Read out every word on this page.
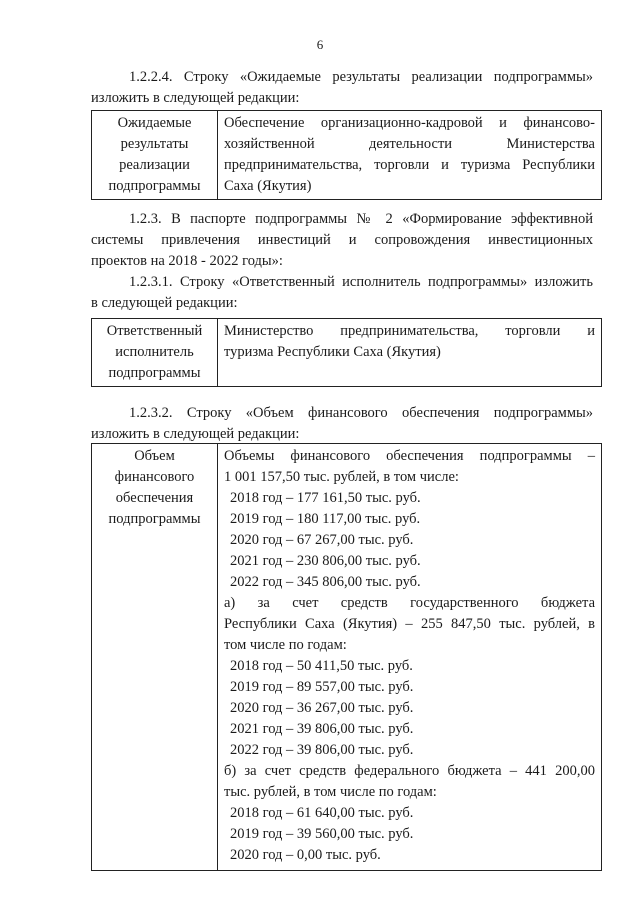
6
1.2.2.4. Строку «Ожидаемые результаты реализации подпрограммы»
изложить в следующей редакции:
Ожидаемые
результаты
реализации
подпрограммы

Обеспечение организационно-кадровой и финансово-
хозяйственной деятельности Министерства
предпринимательства, торговли и туризма Республики
Саха (Якутия)
1.2.3. В паспорте подпрограммы № 2 «Формирование эффективной
системы привлечения инвестиций и сопровождения инвестиционных
проектов на 2018 - 2022 годы»:
1.2.3.1. Строку «Ответственный исполнитель подпрограммы» изложить
в следующей редакции:
Ответственный
исполнитель
подпрограммы

Министерство предпринимательства, торговли и
туризма Республики Саха (Якутия)
1.2.3.2. Строку «Объем финансового обеспечения подпрограммы»
изложить в следующей редакции:
Объем
финансового
обеспечения
подпрограммы

Объемы финансового обеспечения подпрограммы –
1 001 157,50 тыс. рублей, в том числе:
2018 год – 177 161,50 тыс. руб.
2019 год – 180 117,00 тыс. руб.
2020 год – 67 267,00 тыс. руб.
2021 год – 230 806,00 тыс. руб.
2022 год – 345 806,00 тыс. руб.
а) за счет средств государственного бюджета
Республики Саха (Якутия) – 255 847,50 тыс. рублей, в
том числе по годам:
2018 год – 50 411,50 тыс. руб.
2019 год – 89 557,00 тыс. руб.
2020 год – 36 267,00 тыс. руб.
2021 год – 39 806,00 тыс. руб.
2022 год – 39 806,00 тыс. руб.
б) за счет средств федерального бюджета – 441 200,00
тыс. рублей, в том числе по годам:
2018 год – 61 640,00 тыс. руб.
2019 год – 39 560,00 тыс. руб.
2020 год – 0,00 тыс. руб.
